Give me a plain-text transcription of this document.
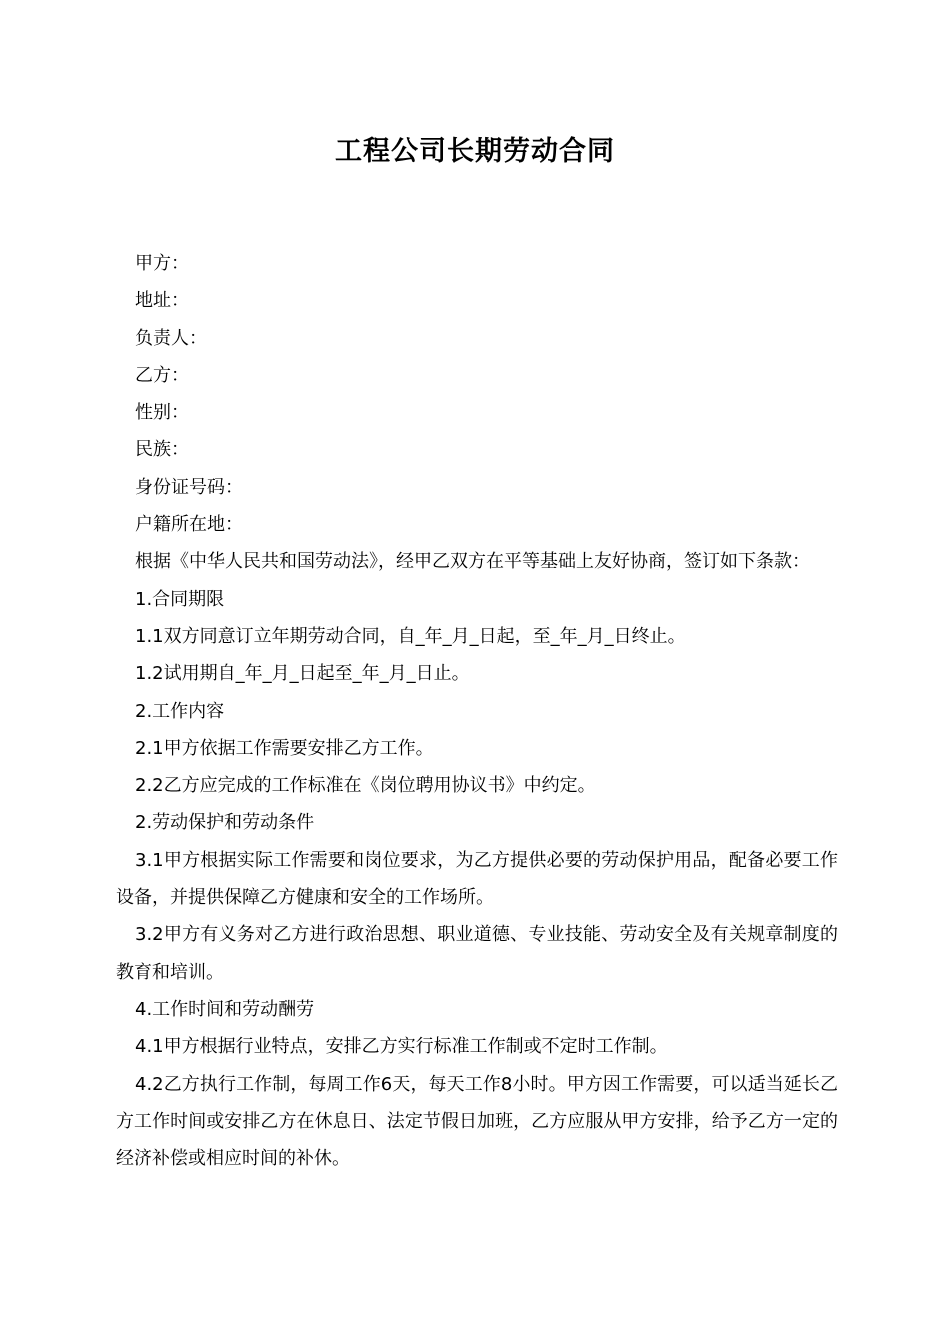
工程公司长期劳动合同

甲方：

地址：

负责人：

乙方：

性别：

民族：

身份证号码：

户籍所在地：

根据《中华人民共和国劳动法》，经甲乙双方在平等基础上友好协商，签订如下条款：

1.合同期限

1.1双方同意订立年期劳动合同，自_年_月_日起，至_年_月_日终止。

1.2试用期自_年_月_日起至_年_月_日止。

2.工作内容

2.1甲方依据工作需要安排乙方工作。

2.2乙方应完成的工作标准在《岗位聘用协议书》中约定。

2.劳动保护和劳动条件

3.1甲方根据实际工作需要和岗位要求，为乙方提供必要的劳动保护用品，配备必要工作设备，并提供保障乙方健康和安全的工作场所。

3.2甲方有义务对乙方进行政治思想、职业道德、专业技能、劳动安全及有关规章制度的教育和培训。

4.工作时间和劳动酬劳

4.1甲方根据行业特点，安排乙方实行标准工作制或不定时工作制。

4.2乙方执行工作制，每周工作6天，每天工作8小时。甲方因工作需要，可以适当延长乙方工作时间或安排乙方在休息日、法定节假日加班，乙方应服从甲方安排，给予乙方一定的经济补偿或相应时间的补休。
